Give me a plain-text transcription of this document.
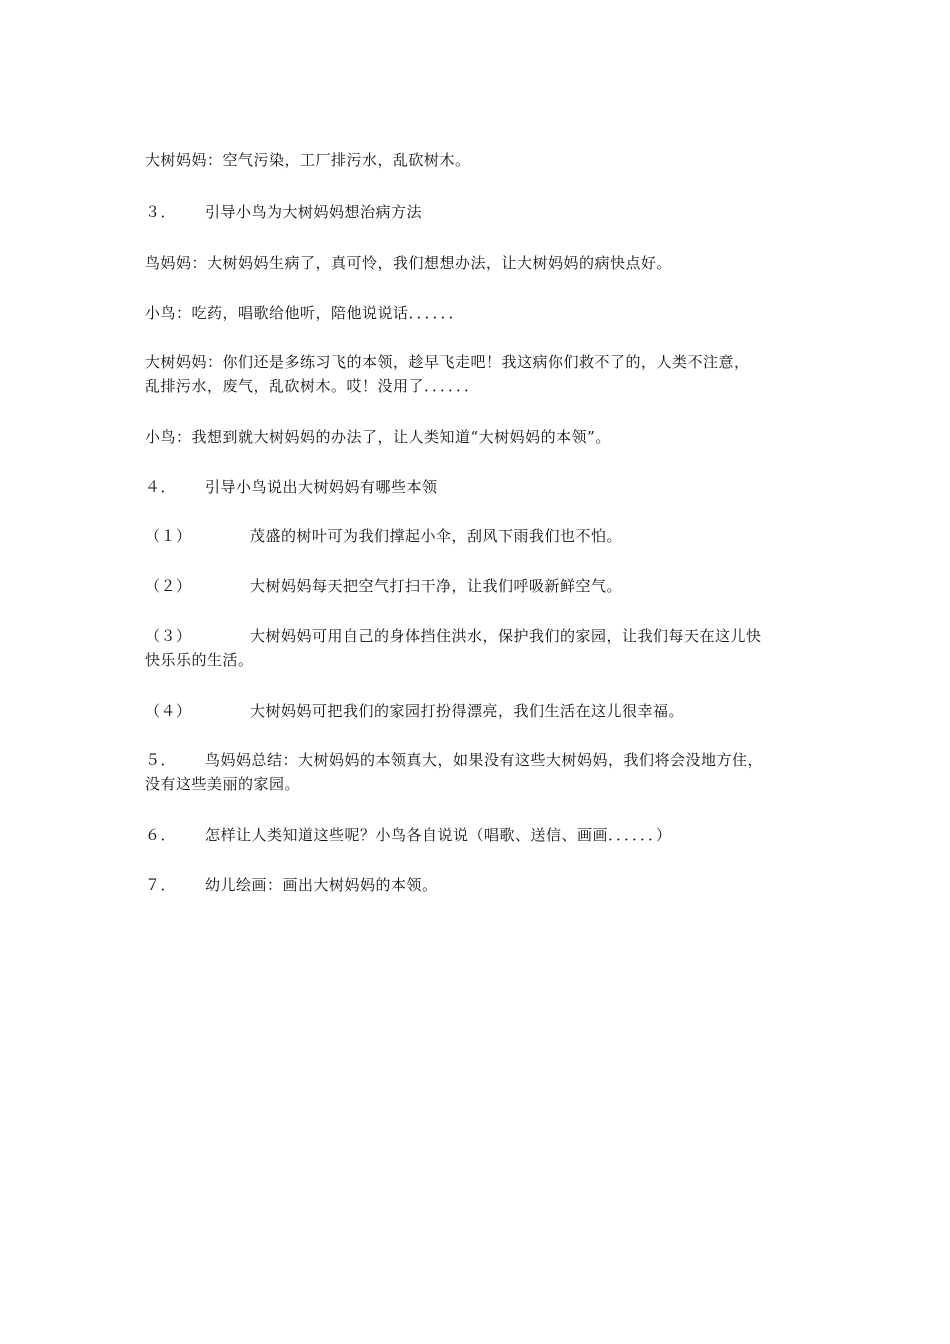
大树妈妈：空气污染，工厂排污水，乱砍树木。
３． 引导小鸟为大树妈妈想治病方法
鸟妈妈：大树妈妈生病了，真可怜，我们想想办法，让大树妈妈的病快点好。
小鸟：吃药，唱歌给他听，陪他说说话．．．．．．
大树妈妈：你们还是多练习飞的本领，趁早飞走吧！我这病你们救不了的，人类不注意，
乱排污水，废气，乱砍树木。哎！没用了．．．．．．
小鸟：我想到就大树妈妈的办法了，让人类知道“大树妈妈的本领”。
４． 引导小鸟说出大树妈妈有哪些本领
（１）	茂盛的树叶可为我们撑起小伞，刮风下雨我们也不怕。
（２）	大树妈妈每天把空气打扫干净，让我们呼吸新鲜空气。
（３）	大树妈妈可用自己的身体挡住洪水，保护我们的家园，让我们每天在这儿快
快乐乐的生活。
（４）	大树妈妈可把我们的家园打扮得漂亮，我们生活在这儿很幸福。
５． 鸟妈妈总结：大树妈妈的本领真大，如果没有这些大树妈妈，我们将会没地方住，
没有这些美丽的家园。
６． 怎样让人类知道这些呢？小鸟各自说说（唱歌、送信、画画．．．．．．）
７． 幼儿绘画：画出大树妈妈的本领。
